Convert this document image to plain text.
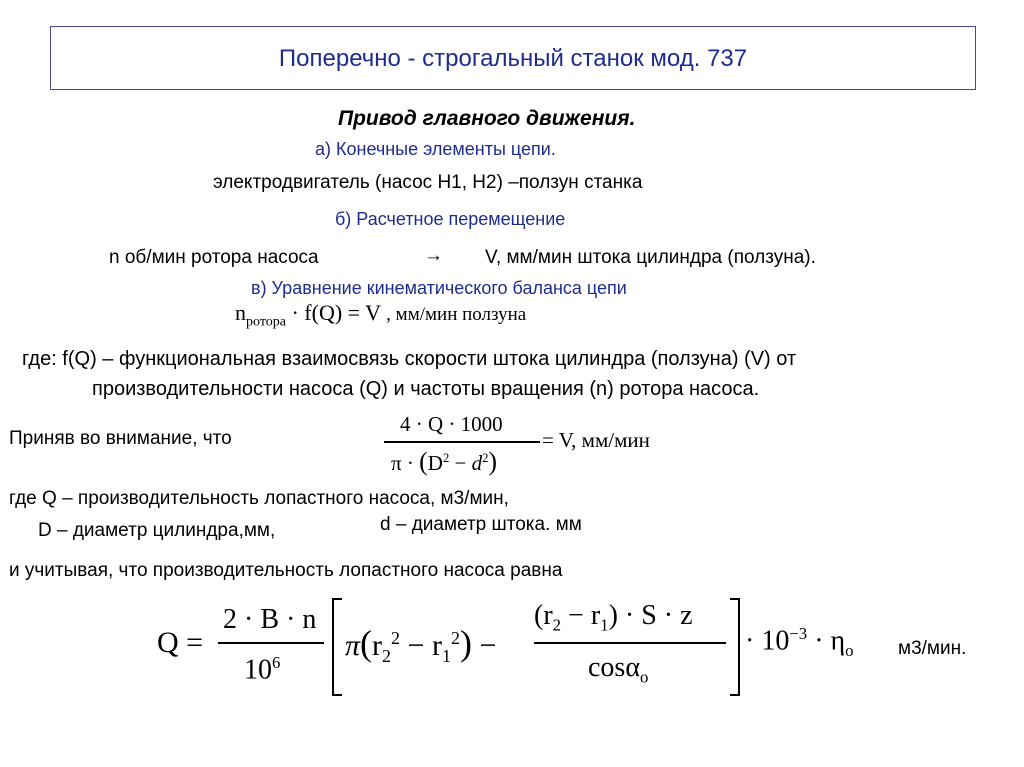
Поперечно - строгальный станок мод. 737
Привод главного движения.
а) Конечные элементы цепи.
электродвигатель (насос Н1, Н2) –ползун станка
б) Расчетное перемещение
n об/мин ротора насоса	→ V, мм/мин штока цилиндра (ползуна).
в) Уравнение кинематического баланса цепи
$n_{ротора} \cdot f(Q) = V$ , мм/мин ползуна
где: f(Q) – функциональная взаимосвязь скорости штока цилиндра (ползуна) (V) от
производительности насоса (Q) и частоты вращения (n) ротора насоса.
Приняв во внимание, что
4 · Q · 1000
$\pi \cdot (D^2 - d^2)$
= V, мм/мин
где Q – производительность лопастного насоса, м3/мин,
D – диаметр цилиндра,мм,	d – диаметр штока. мм
и учитывая, что производительность лопастного насоса равна
Q =
2 · B · n
$10^6$
$\pi(r_2^2 - r_1^2)$ −
$(r_2 - r_1) \cdot S \cdot z$
cosα$_о$
· $10^{-3} \cdot \eta_о$ м3/мин.
